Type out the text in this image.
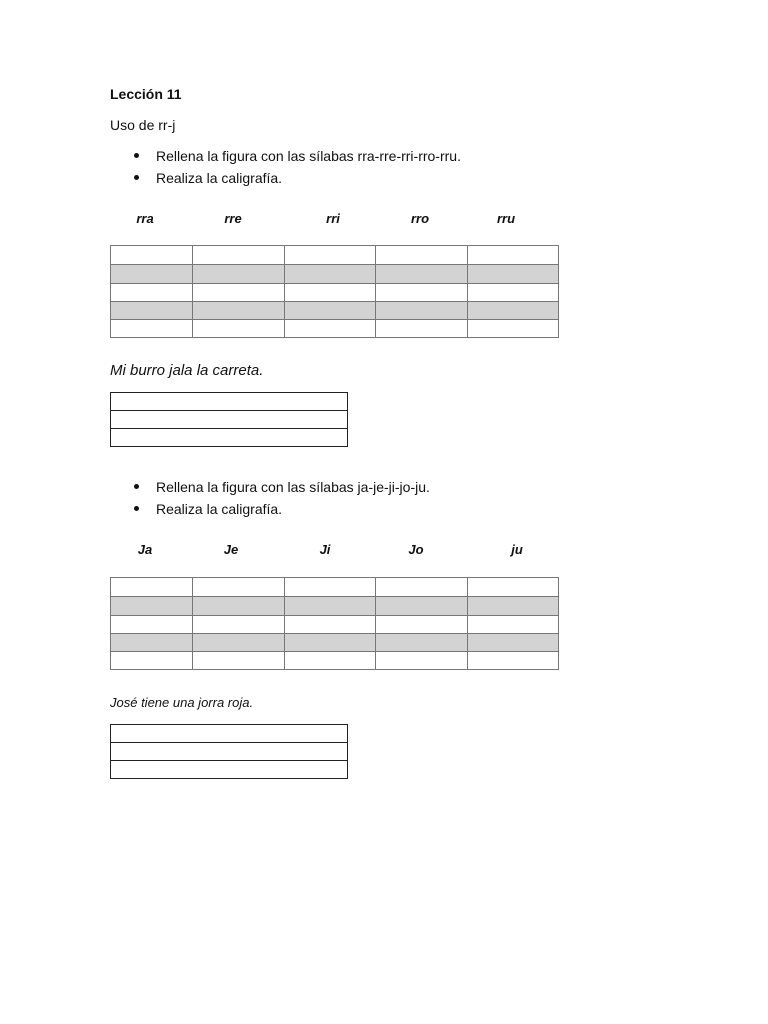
Lección 11
Uso de rr-j
Rellena la figura con las sílabas rra-rre-rri-rro-rru.
Realiza la caligrafía.
rra	rre	rri	rro	rru

Mi burro jala la carreta.

Rellena la figura con las sílabas ja-je-ji-jo-ju.
Realiza la caligrafía.
Ja	Je	Ji	Jo	ju

José tiene una jorra roja.
